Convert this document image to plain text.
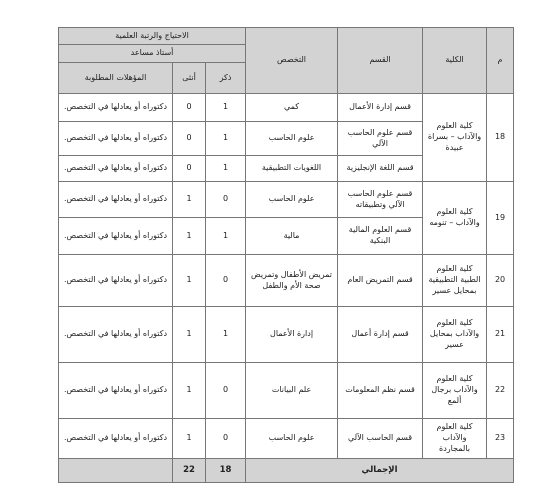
م	الكلية	القسم	التخصص	الاحتياج والرتبة العلمية		
				أستاذ مساعد		
				ذكر	أنثى	المؤهلات المطلوبة
18	كلية العلوم والآداب – بسراة عبيدة	قسم إدارة الأعمال	كمي	1	0	دكتوراه أو يعادلها في التخصص.
		قسم علوم الحاسب الآلي	علوم الحاسب	1	0	دكتوراه أو يعادلها في التخصص.
		قسم اللغة الإنجليزية	اللغويات التطبيقية	1	0	دكتوراه أو يعادلها في التخصص.
19	كلية العلوم والآداب – تنومه	قسم علوم الحاسب الآلي وتطبيقاته	علوم الحاسب	0	1	دكتوراه أو يعادلها في التخصص.
		قسم العلوم المالية البنكية	مالية	1	1	دكتوراه أو يعادلها في التخصص.
20	كلية العلوم الطبية التطبيقية بمحايل عسير	قسم التمريض العام	تمريض الأطفال وتمريض صحة الأم والطفل	0	1	دكتوراه أو يعادلها في التخصص.
21	كلية العلوم والآداب بمحايل عسير	قسم إدارة أعمال	إدارة الأعمال	1	1	دكتوراه أو يعادلها في التخصص.
22	كلية العلوم والآداب برجال ألمع	قسم نظم المعلومات	علم البيانات	0	1	دكتوراه أو يعادلها في التخصص.
23	كلية العلوم والآداب بالمجاردة	قسم الحاسب الآلي	علوم الحاسب	0	1	دكتوراه أو يعادلها في التخصص.
الإجمالي				18	22	
